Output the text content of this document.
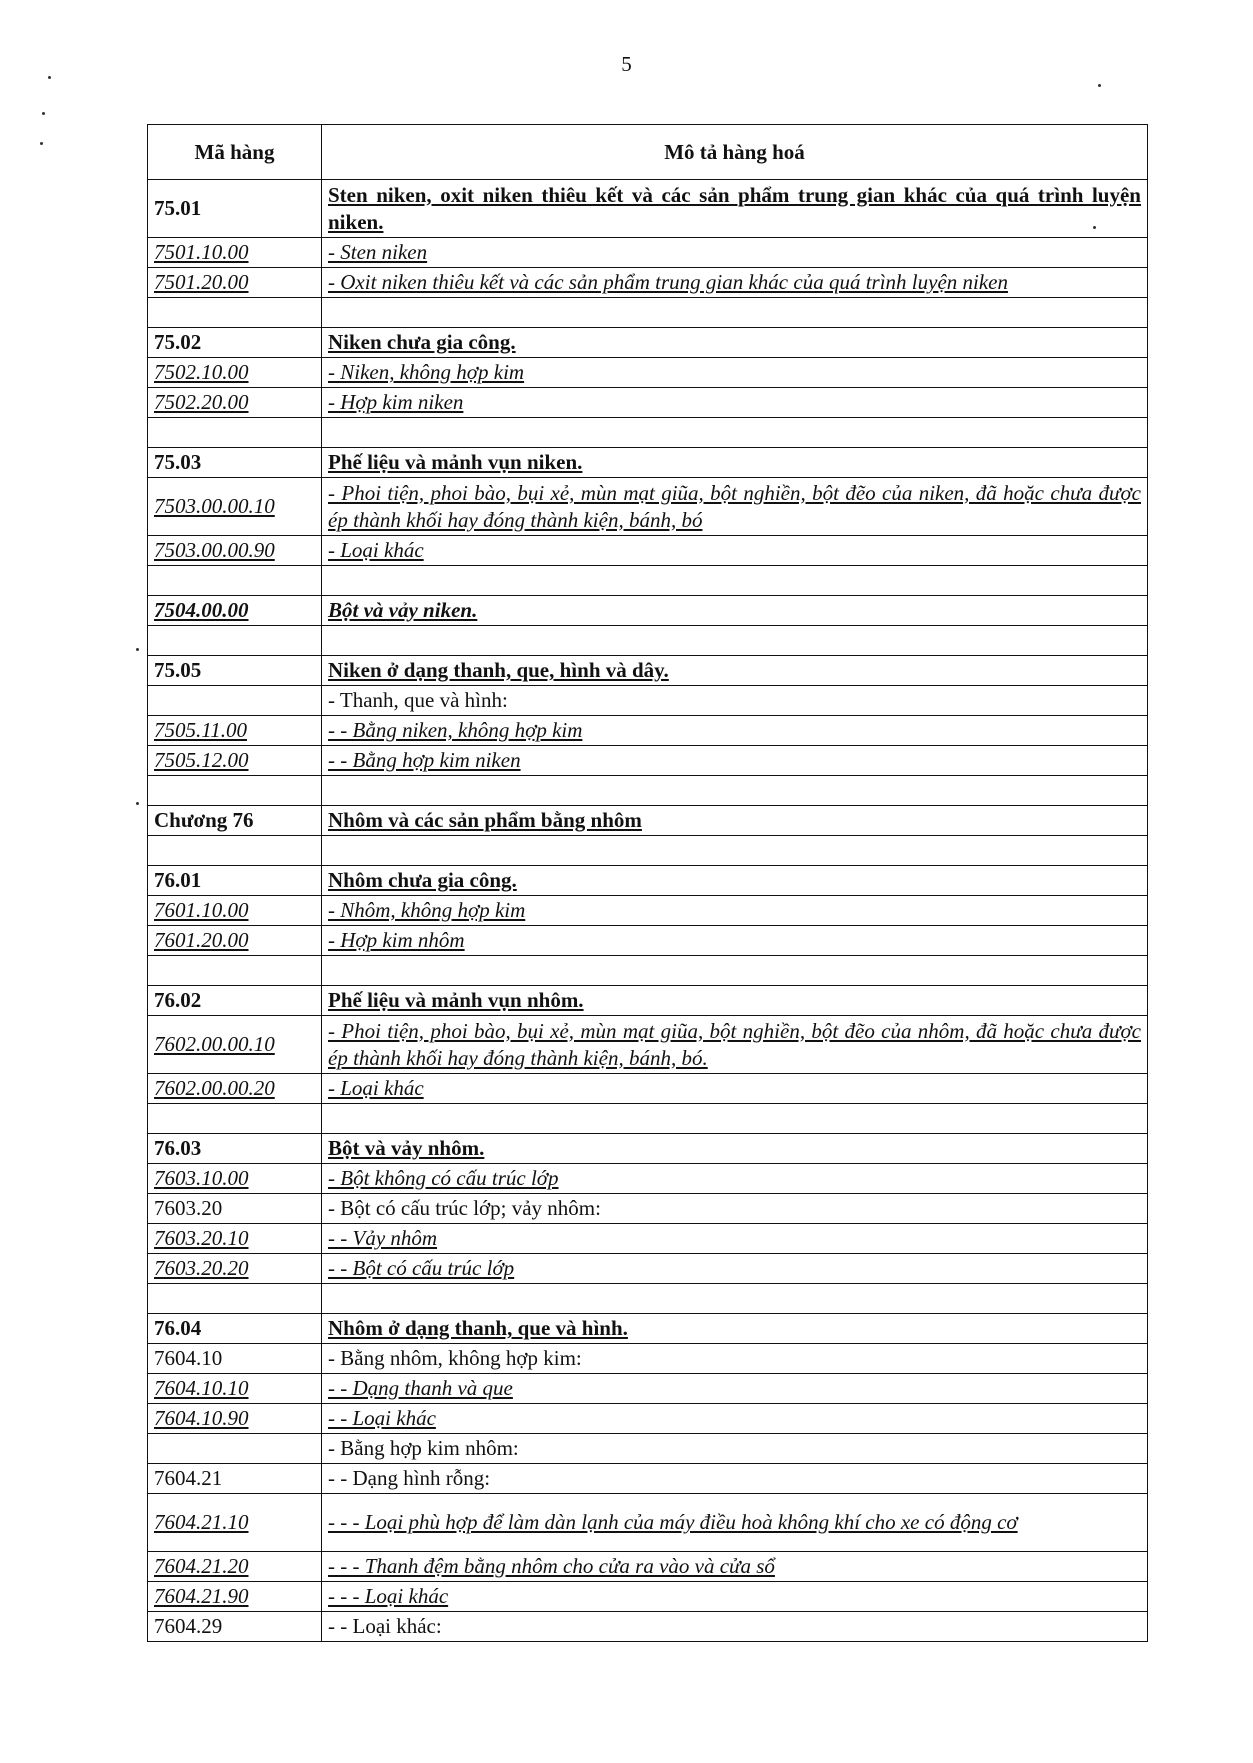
5
Mã hàng	Mô tả hàng hoá
75.01	Sten niken, oxit niken thiêu kết và các sản phẩm trung gian khác của quá trình luyện niken.
7501.10.00	- Sten niken
7501.20.00	- Oxit niken thiêu kết và các sản phẩm trung gian khác của quá trình luyện niken

75.02	Niken chưa gia công.
7502.10.00	- Niken, không hợp kim
7502.20.00	- Hợp kim niken

75.03	Phế liệu và mảnh vụn niken.
7503.00.00.10	- Phoi tiện, phoi bào, bụi xẻ, mùn mạt giũa, bột nghiền, bột đẽo của niken, đã hoặc chưa được ép thành khối hay đóng thành kiện, bánh, bó
7503.00.00.90	- Loại khác

7504.00.00	Bột và vảy niken.

75.05	Niken ở dạng thanh, que, hình và dây.
	- Thanh, que và hình:
7505.11.00	- - Bằng niken, không hợp kim
7505.12.00	- - Bằng hợp kim niken

Chương 76	Nhôm và các sản phẩm bằng nhôm

76.01	Nhôm chưa gia công.
7601.10.00	- Nhôm, không hợp kim
7601.20.00	- Hợp kim nhôm

76.02	Phế liệu và mảnh vụn nhôm.
7602.00.00.10	- Phoi tiện, phoi bào, bụi xẻ, mùn mạt giũa, bột nghiền, bột đẽo của nhôm, đã hoặc chưa được ép thành khối hay đóng thành kiện, bánh, bó.
7602.00.00.20	- Loại khác

76.03	Bột và vảy nhôm.
7603.10.00	- Bột không có cấu trúc lớp
7603.20	- Bột có cấu trúc lớp; vảy nhôm:
7603.20.10	- - Vảy nhôm
7603.20.20	- - Bột có cấu trúc lớp

76.04	Nhôm ở dạng thanh, que và hình.
7604.10	- Bằng nhôm, không hợp kim:
7604.10.10	- - Dạng thanh và que
7604.10.90	- - Loại khác
	- Bằng hợp kim nhôm:
7604.21	- - Dạng hình rỗng:
7604.21.10	- - - Loại phù hợp để làm dàn lạnh của máy điều hoà không khí cho xe có động cơ
7604.21.20	- - - Thanh đệm bằng nhôm cho cửa ra vào và cửa sổ
7604.21.90	- - - Loại khác
7604.29	- - Loại khác:
